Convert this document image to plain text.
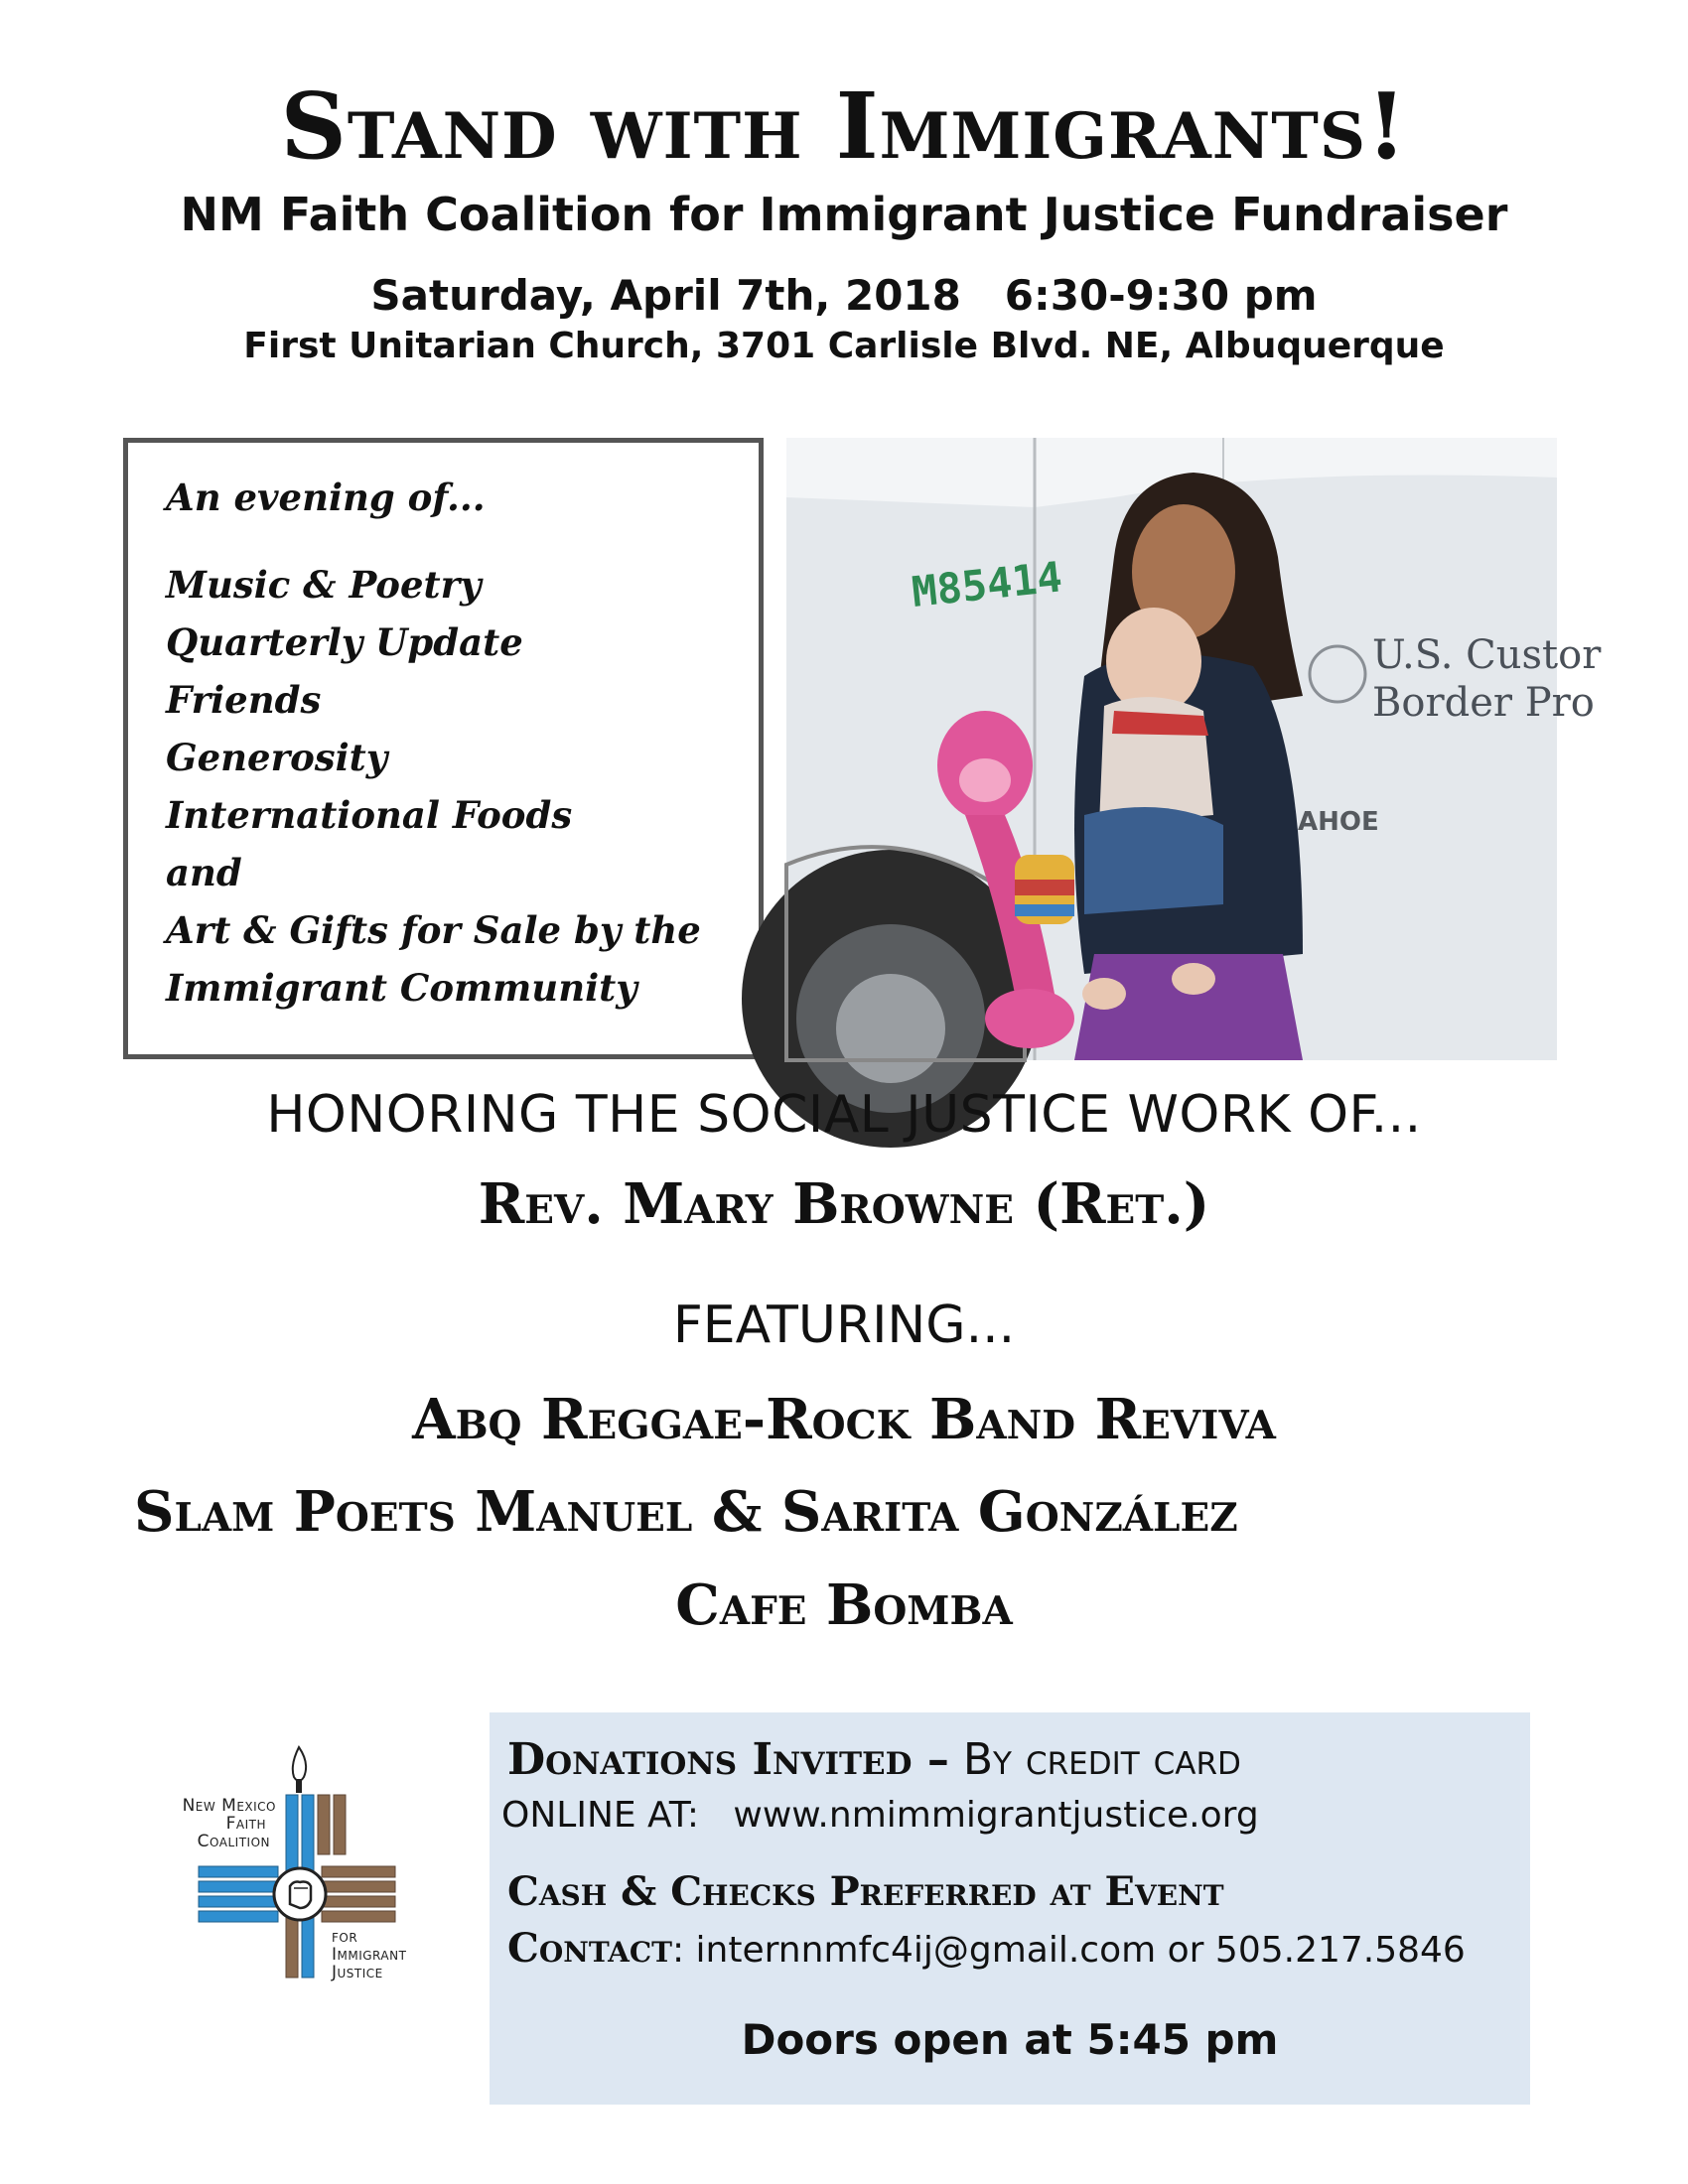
Stand with Immigrants!
NM Faith Coalition for Immigrant Justice Fundraiser
Saturday, April 7th, 2018   6:30-9:30 pm
First Unitarian Church, 3701 Carlisle Blvd. NE, Albuquerque
An evening of...
Music & Poetry
Quarterly Update
Friends
Generosity
International Foods
and
Art & Gifts for Sale by the
Immigrant Community
M85414
U.S. Custor
Border Pro
AHOE
HONORING THE SOCIAL JUSTICE WORK OF...
Rev. Mary Browne (Ret.)
FEATURING...
Abq Reggae-Rock Band Reviva
Slam Poets Manuel & Sarita González
Cafe Bomba
New Mexico
Faith
Coalition
for
Immigrant
Justice
Donations Invited – By credit card
ONLINE AT: www.nmimmigrantjustice.org
Cash & Checks Preferred at Event
Contact: internnmfc4ij@gmail.com or 505.217.5846
Doors open at 5:45 pm
